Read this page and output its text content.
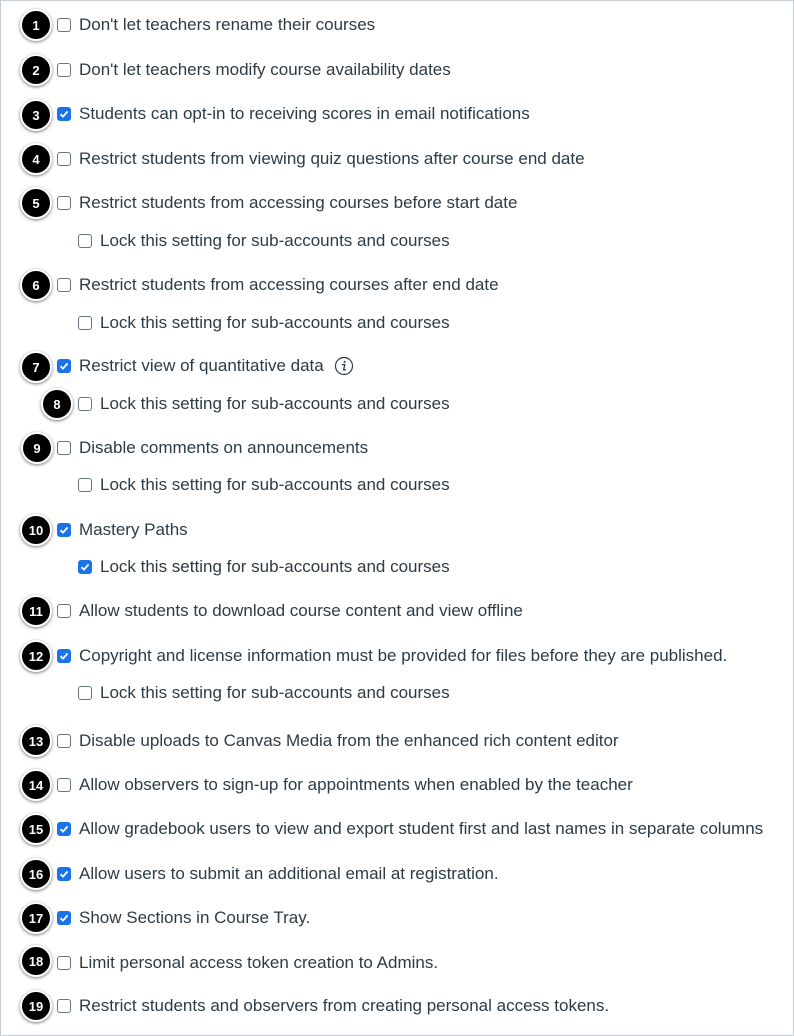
1	Don't let teachers rename their courses
2	Don't let teachers modify course availability dates
3	Students can opt-in to receiving scores in email notifications
4	Restrict students from viewing quiz questions after course end date
5	Restrict students from accessing courses before start date
Lock this setting for sub-accounts and courses
6	Restrict students from accessing courses after end date
Lock this setting for sub-accounts and courses
7	Restrict view of quantitative data
8	Lock this setting for sub-accounts and courses
9	Disable comments on announcements
Lock this setting for sub-accounts and courses
10	Mastery Paths
Lock this setting for sub-accounts and courses
11	Allow students to download course content and view offline
12	Copyright and license information must be provided for files before they are published.
Lock this setting for sub-accounts and courses
13	Disable uploads to Canvas Media from the enhanced rich content editor
14	Allow observers to sign-up for appointments when enabled by the teacher
15	Allow gradebook users to view and export student first and last names in separate columns
16	Allow users to submit an additional email at registration.
17	Show Sections in Course Tray.
18	Limit personal access token creation to Admins.
19	Restrict students and observers from creating personal access tokens.
